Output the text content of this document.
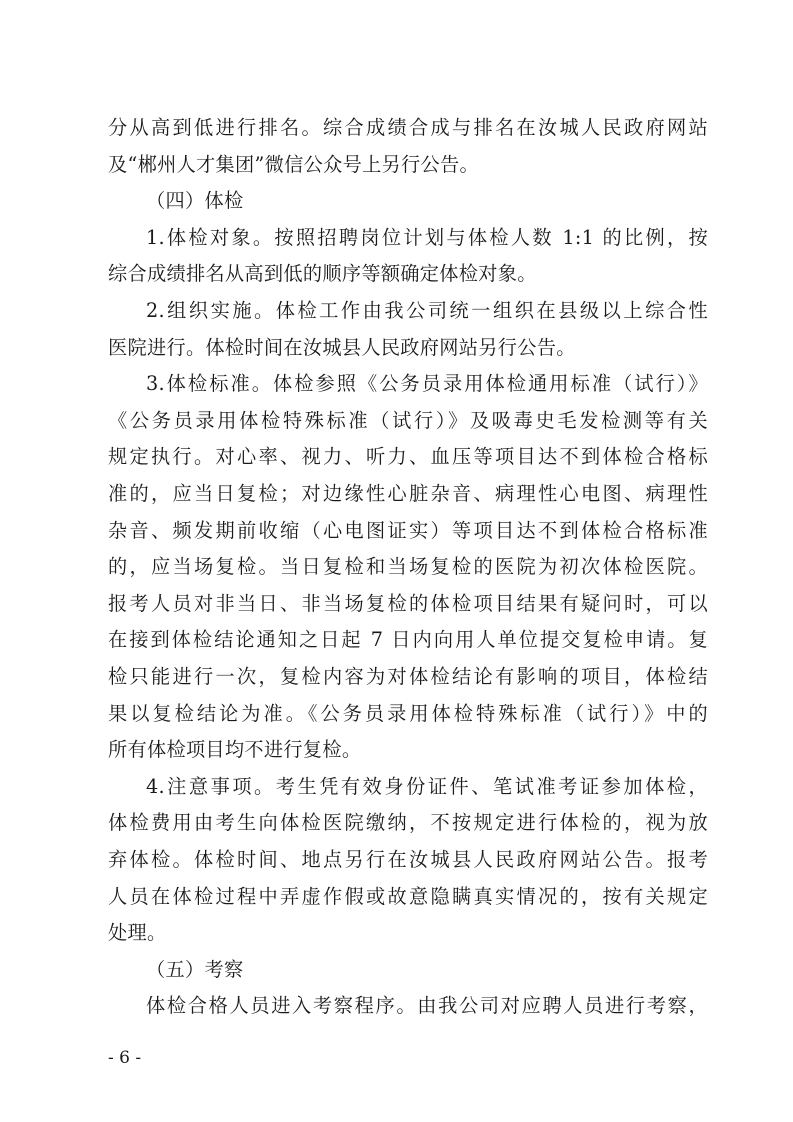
分从高到低进行排名。综合成绩合成与排名在汝城人民政府网站
及“郴州人才集团”微信公众号上另行公告。
（四）体检
1.体检对象。按照招聘岗位计划与体检人数 1:1 的比例，按
综合成绩排名从高到低的顺序等额确定体检对象。
2.组织实施。体检工作由我公司统一组织在县级以上综合性
医院进行。体检时间在汝城县人民政府网站另行公告。
3.体检标准。体检参照《公务员录用体检通用标准（试行）》
《公务员录用体检特殊标准（试行）》及吸毒史毛发检测等有关
规定执行。对心率、视力、听力、血压等项目达不到体检合格标
准的，应当日复检；对边缘性心脏杂音、病理性心电图、病理性
杂音、频发期前收缩（心电图证实）等项目达不到体检合格标准
的，应当场复检。当日复检和当场复检的医院为初次体检医院。
报考人员对非当日、非当场复检的体检项目结果有疑问时，可以
在接到体检结论通知之日起 7 日内向用人单位提交复检申请。复
检只能进行一次，复检内容为对体检结论有影响的项目，体检结
果以复检结论为准。《公务员录用体检特殊标准（试行）》中的
所有体检项目均不进行复检。
4.注意事项。考生凭有效身份证件、笔试准考证参加体检，
体检费用由考生向体检医院缴纳，不按规定进行体检的，视为放
弃体检。体检时间、地点另行在汝城县人民政府网站公告。报考
人员在体检过程中弄虚作假或故意隐瞒真实情况的，按有关规定
处理。
（五）考察
体检合格人员进入考察程序。由我公司对应聘人员进行考察，
- 6 -
